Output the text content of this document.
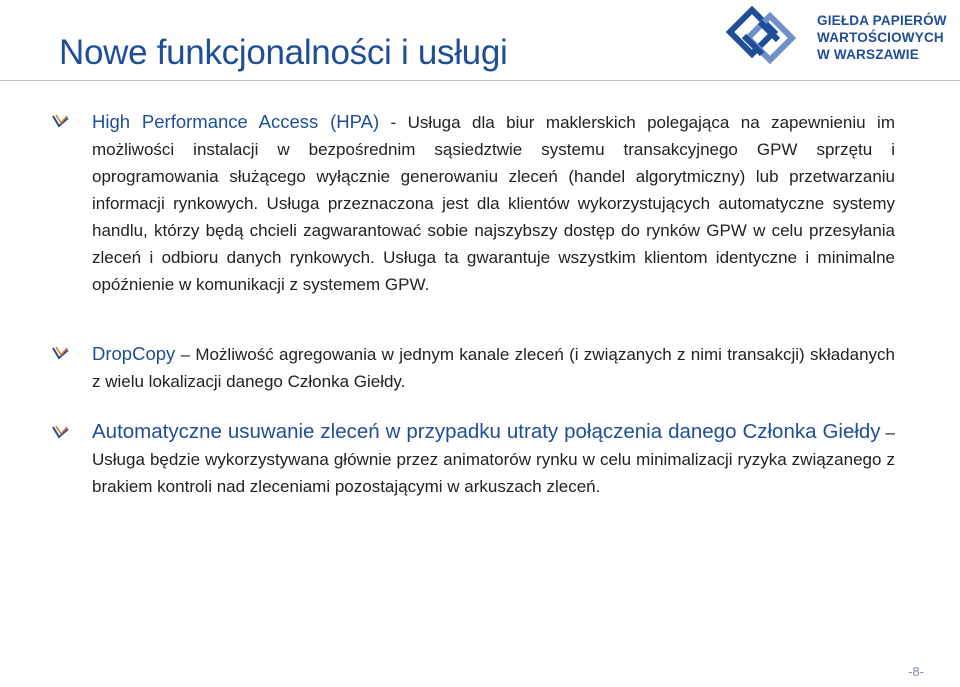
Nowe funkcjonalności i usługi
GIEŁDA PAPIERÓW
WARTOŚCIOWYCH
W WARSZAWIE
High Performance Access (HPA) - Usługa dla biur maklerskich polegająca na zapewnieniu im możliwości instalacji w bezpośrednim sąsiedztwie systemu transakcyjnego GPW sprzętu i oprogramowania służącego wyłącznie generowaniu zleceń (handel algorytmiczny) lub przetwarzaniu informacji rynkowych. Usługa przeznaczona jest dla klientów wykorzystujących automatyczne systemy handlu, którzy będą chcieli zagwarantować sobie najszybszy dostęp do rynków GPW w celu przesyłania zleceń i odbioru danych rynkowych. Usługa ta gwarantuje wszystkim klientom identyczne i minimalne opóźnienie w komunikacji z systemem GPW.
DropCopy – Możliwość agregowania w jednym kanale zleceń (i związanych z nimi transakcji) składanych z wielu lokalizacji danego Członka Giełdy.
Automatyczne usuwanie zleceń w przypadku utraty połączenia danego Członka Giełdy – Usługa będzie wykorzystywana głównie przez animatorów rynku w celu minimalizacji ryzyka związanego z brakiem kontroli nad zleceniami pozostającymi w arkuszach zleceń.
-8-
